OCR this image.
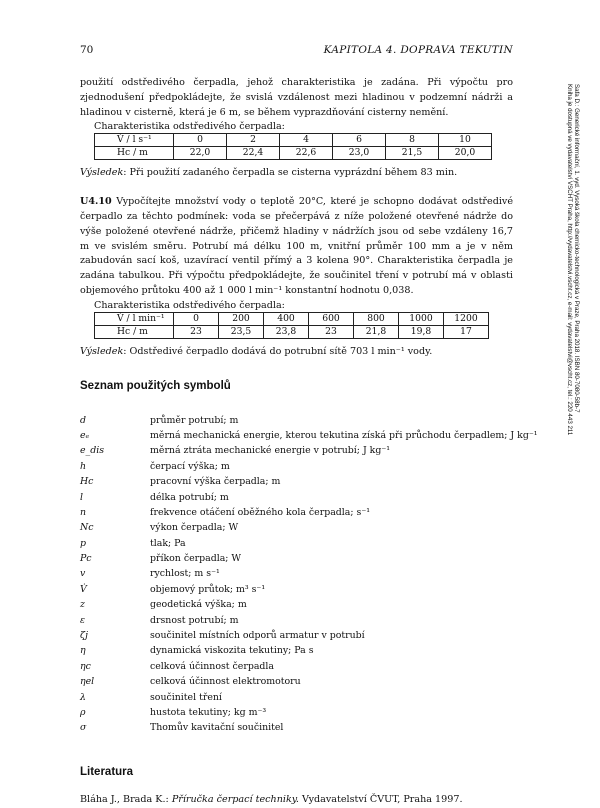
70	KAPITOLA 4. DOPRAVA TEKUTIN
Šafa D.: Generické informační, 1. vyd. Vysoká škola chemicko-technologická v Praze, Praha 2018. ISBN 80-7080-58b-7
Kniha je dostupná ve vydavatelství VŠCHT Praha, http://vydavatelstvi.vscht.cz, e-mail: vydavatelstvi@vscht.cz, tel.: 220 443 211
použití odstředivého čerpadla, jehož charakteristika je zadána. Při výpočtu pro zjednodušení předpokládejte, že svislá vzdálenost mezi hladinou v podzemní nádrži a hladinou v cisterně, která je 6 m, se během vyprazdňování cisterny nemění.
Charakteristika odstředivého čerpadla:
V̇ / l s⁻¹	0	2	4	6	8	10
Hc / m	22,0	22,4	22,6	23,0	21,5	20,0
Výsledek: Při použití zadaného čerpadla se cisterna vyprázdní během 83 min.
U4.10 Vypočítejte množství vody o teplotě 20°C, které je schopno dodávat odstředivé čerpadlo za těchto podmínek: voda se přečerpává z níže položené otevřené nádrže do výše položené otevřené nádrže, přičemž hladiny v nádržích jsou od sebe vzdáleny 16,7 m ve svislém směru. Potrubí má délku 100 m, vnitřní průměr 100 mm a je v něm zabudován sací koš, uzavírací ventil přímý a 3 kolena 90°. Charakteristika čerpadla je zadána tabulkou. Při výpočtu předpokládejte, že součinitel tření v potrubí má v oblasti objemového průtoku 400 až 1 000 l min⁻¹ konstantní hodnotu 0,038.
Charakteristika odstředivého čerpadla:
V̇ / l min⁻¹	0	200	400	600	800	1000	1200
Hc / m	23	23,5	23,8	23	21,8	19,8	17
Výsledek: Odstředivé čerpadlo dodává do potrubní sítě 703 l min⁻¹ vody.
Seznam použitých symbolů
d	průměr potrubí; m
eₑ	měrná mechanická energie, kterou tekutina získá při průchodu čerpadlem; J kg⁻¹
e_dis	měrná ztráta mechanické energie v potrubí; J kg⁻¹
h	čerpací výška; m
Hc	pracovní výška čerpadla; m
l	délka potrubí; m
n	frekvence otáčení oběžného kola čerpadla; s⁻¹
Nc	výkon čerpadla; W
p	tlak; Pa
Pc	příkon čerpadla; W
v	rychlost; m s⁻¹
V̇	objemový průtok; m³ s⁻¹
z	geodetická výška; m
ε	drsnost potrubí; m
ζj	součinitel místních odporů armatur v potrubí
η	dynamická viskozita tekutiny; Pa s
ηc	celková účinnost čerpadla
ηel	celková účinnost elektromotoru
λ	součinitel tření
ρ	hustota tekutiny; kg m⁻³
σ	Thomův kavitační součinitel
Literatura
Bláha J., Brada K.: Příručka čerpací techniky. Vydavatelství ČVUT, Praha 1997.
